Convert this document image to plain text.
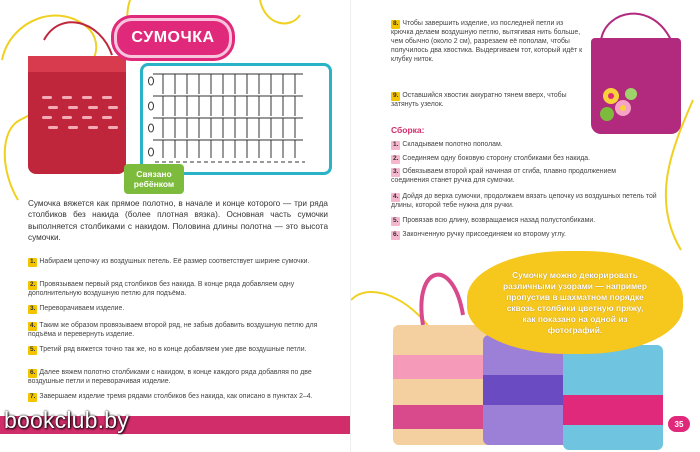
СУМОЧКА
Связано ребёнком
Сумочка вяжется как прямое полотно, в начале и конце которого — три ряда столбиков без накида (более плотная вязка). Основная часть сумочки выполняется столбиками с накидом. Половина длины полотна — это высота сумочки.
1. Набираем цепочку из воздушных петель. Её размер соответствует ширине сумочки.
2. Провязываем первый ряд столбиков без накида. В конце ряда добавляем одну дополнительную воздушную петлю для подъёма.
3. Переворачиваем изделие.
4. Таким же образом провязываем второй ряд, не забыв добавить воздушную петлю для подъёма и перевернуть изделие.
5. Третий ряд вяжется точно так же, но в конце добавляем уже две воздушные петли.
6. Далее вяжем полотно столбиками с накидом, в конце каждого ряда добавляя по две воздушные петли и переворачивая изделие.
7. Завершаем изделие тремя рядами столбиков без накида, как описано в пунктах 2–4.
bookclub.by
8. Чтобы завершить изделие, из последней петли из крючка делаем воздушную петлю, вытягивая нить больше, чем обычно (около 2 см), разрезаем её пополам, чтобы получилось два хвостика. Выдергиваем тот, который идёт к клубку ниток.
9. Оставшийся хвостик аккуратно тянем вверх, чтобы затянуть узелок.
Сборка:
1. Складываем полотно пополам.
2. Соединяем одну боковую сторону столбиками без накида.
3. Обвязываем второй край начиная от сгиба, плавно продолжением соединения станет ручка для сумочки.
4. Дойдя до верха сумочки, продолжаем вязать цепочку из воздушных петель той длины, которой тебе нужна для ручки.
5. Провязав всю длину, возвращаемся назад полустолбиками.
6. Законченную ручку присоединяем ко второму углу.
Сумочку можно декорировать различными узорами — например пропустив в шахматном порядке сквозь столбики цветную пряжу, как показано на одной из фотографий.
35
